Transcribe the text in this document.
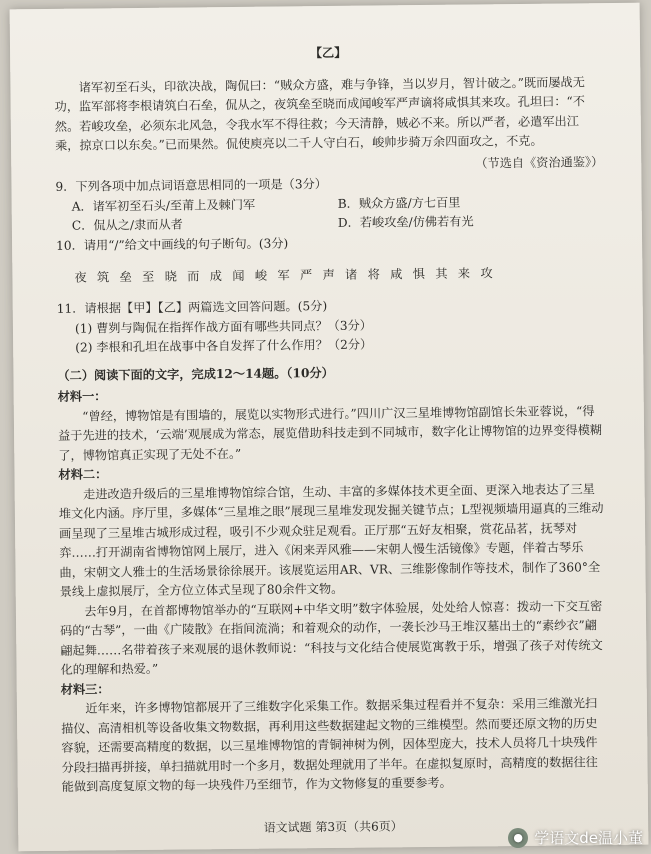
【乙】

诸军初至石头，印欲决战，陶侃曰：“贼众方盛，难与争锋，当以岁月，智计破之。”既而屡战无功，监军部将李根请筑白石垒，侃从之，夜筑垒至晓而成闻峻军严声谪将咸惧其来攻。孔坦曰：“不然。若峻攻垒，必须东北风急，令我水军不得往救；今天清静，贼必不来。所以严者，必遣军出江乘，掠京口以东矣。”已而果然。侃使庾亮以二千人守白石，峻帅步骑万余四面攻之，不克。

（节选自《资治通鉴》）

9．下列各项中加点词语意思相同的一项是（3分）

A．诸军初至石头/至莆上及棘门军	B．贼众方盛/方七百里
C．侃从之/隶而从者	D．若峻攻垒/仿佛若有光

10．请用“/”给文中画线的句子断句。(3分)

夜筑垒至晓而成闻峻军严声诸将咸惧其来攻

11．请根据【甲】【乙】两篇选文回答问题。(5分)

(1) 曹刿与陶侃在指挥作战方面有哪些共同点？（3分）

(2) 李根和孔坦在战事中各自发挥了什么作用？（2分）

（二）阅读下面的文字，完成12～14题。（10分）

材料一：

“曾经，博物馆是有围墙的，展览以实物形式进行。”四川广汉三星堆博物馆副馆长朱亚蓉说，“得益于先进的技术，‘云端’观展成为常态，展览借助科技走到不同城市，数字化让博物馆的边界变得模糊了，博物馆真正实现了无处不在。”

材料二：

走进改造升级后的三星堆博物馆综合馆，生动、丰富的多媒体技术更全面、更深入地表达了三星堆文化内涵。序厅里，多媒体“三星堆之眼”展现三星堆发现发掘关键节点；L型视频墙用逼真的三维动画呈现了三星堆古城形成过程，吸引不少观众驻足观看。正厅那“五好友相聚，赏花品茗，抚琴对弈……打开湖南省博物馆网上展厅，进入《闲来弄风雅——宋朝人慢生活镜像》专题，伴着古琴乐曲，宋朝文人雅士的生活场景徐徐展开。该展览运用AR、VR、三维影像制作等技术，制作了360°全景线上虚拟展厅，全方位立体式呈现了80余件文物。

去年9月，在首都博物馆举办的“互联网+中华文明”数字体验展，处处给人惊喜：拨动一下交互密码的“古琴”，一曲《广陵散》在指间流淌；和着观众的动作，一袭长沙马王堆汉墓出土的“素纱衣”翩翩起舞……名带着孩子来观展的退休教师说：“科技与文化结合使展览寓教于乐，增强了孩子对传统文化的理解和热爱。”

材料三：

近年来，许多博物馆都展开了三维数字化采集工作。数据采集过程看并不复杂：采用三维激光扫描仪、高清相机等设备收集文物数据，再利用这些数据建起文物的三维模型。然而要还原文物的历史容貌，还需要高精度的数据，以三星堆博物馆的青铜神树为例，因体型庞大，技术人员将几十块残件分段扫描再拼接，单扫描就用时一个多月，数据处理就用了半年。在虚拟复原时，高精度的数据往往能做到高度复原文物的每一块残件乃至细节，作为文物修复的重要参考。

语文试题 第3页（共6页）
● 学语文de温小董
